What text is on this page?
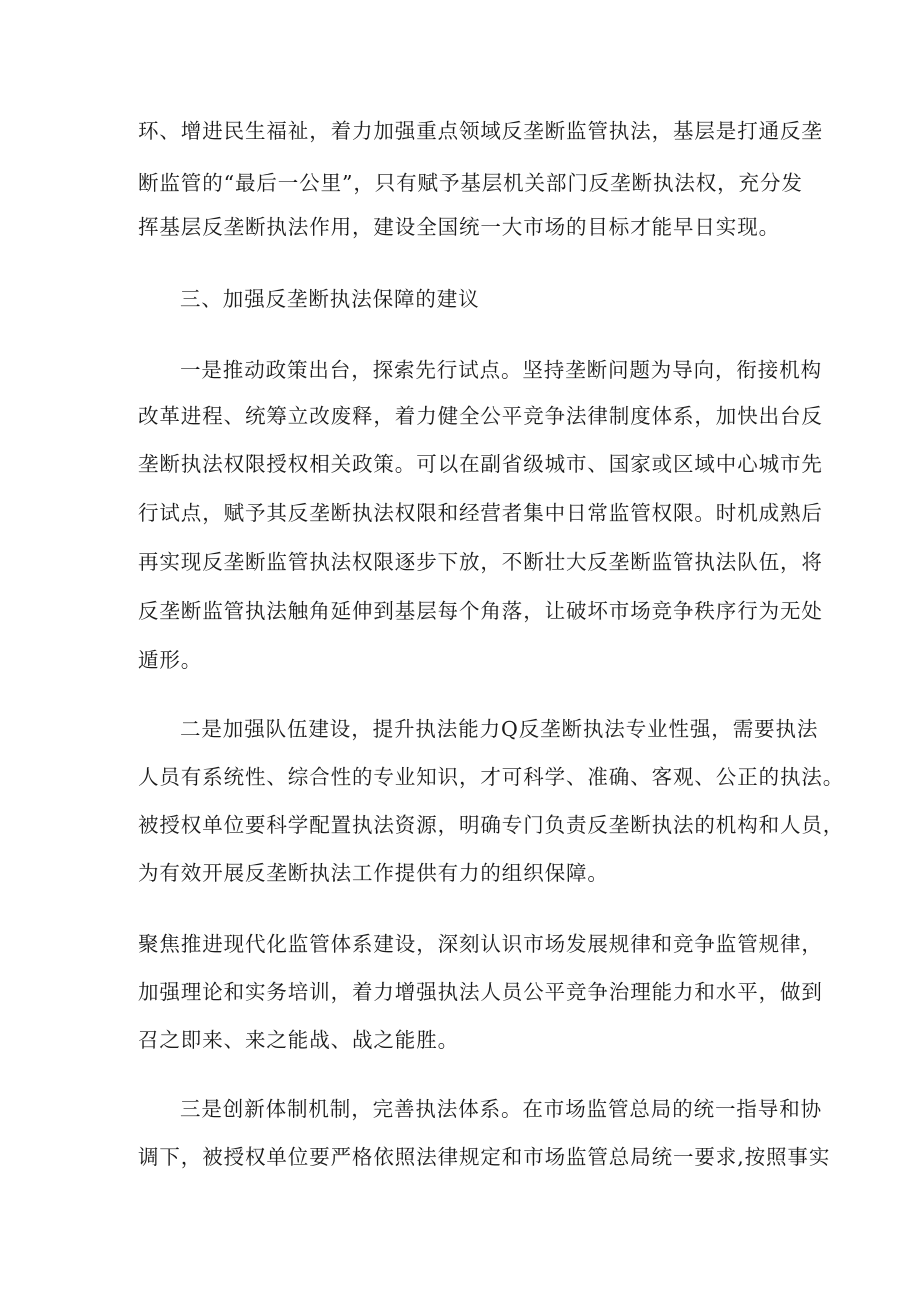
环、增进民生福祉，着力加强重点领域反垄断监管执法，基层是打通反垄
断监管的“最后一公里”，只有赋予基层机关部门反垄断执法权，充分发
挥基层反垄断执法作用，建设全国统一大市场的目标才能早日实现。
三、加强反垄断执法保障的建议
一是推动政策出台，探索先行试点。坚持垄断问题为导向，衔接机构
改革进程、统筹立改废释，着力健全公平竞争法律制度体系，加快出台反
垄断执法权限授权相关政策。可以在副省级城市、国家或区域中心城市先
行试点，赋予其反垄断执法权限和经营者集中日常监管权限。时机成熟后
再实现反垄断监管执法权限逐步下放，不断壮大反垄断监管执法队伍，将
反垄断监管执法触角延伸到基层每个角落，让破坏市场竞争秩序行为无处
遁形。
二是加强队伍建设，提升执法能力Q反垄断执法专业性强，需要执法
人员有系统性、综合性的专业知识，才可科学、准确、客观、公正的执法。
被授权单位要科学配置执法资源，明确专门负责反垄断执法的机构和人员，
为有效开展反垄断执法工作提供有力的组织保障。
聚焦推进现代化监管体系建设，深刻认识市场发展规律和竞争监管规律，
加强理论和实务培训，着力增强执法人员公平竞争治理能力和水平，做到
召之即来、来之能战、战之能胜。
三是创新体制机制，完善执法体系。在市场监管总局的统一指导和协
调下，被授权单位要严格依照法律规定和市场监管总局统一要求,按照事实
